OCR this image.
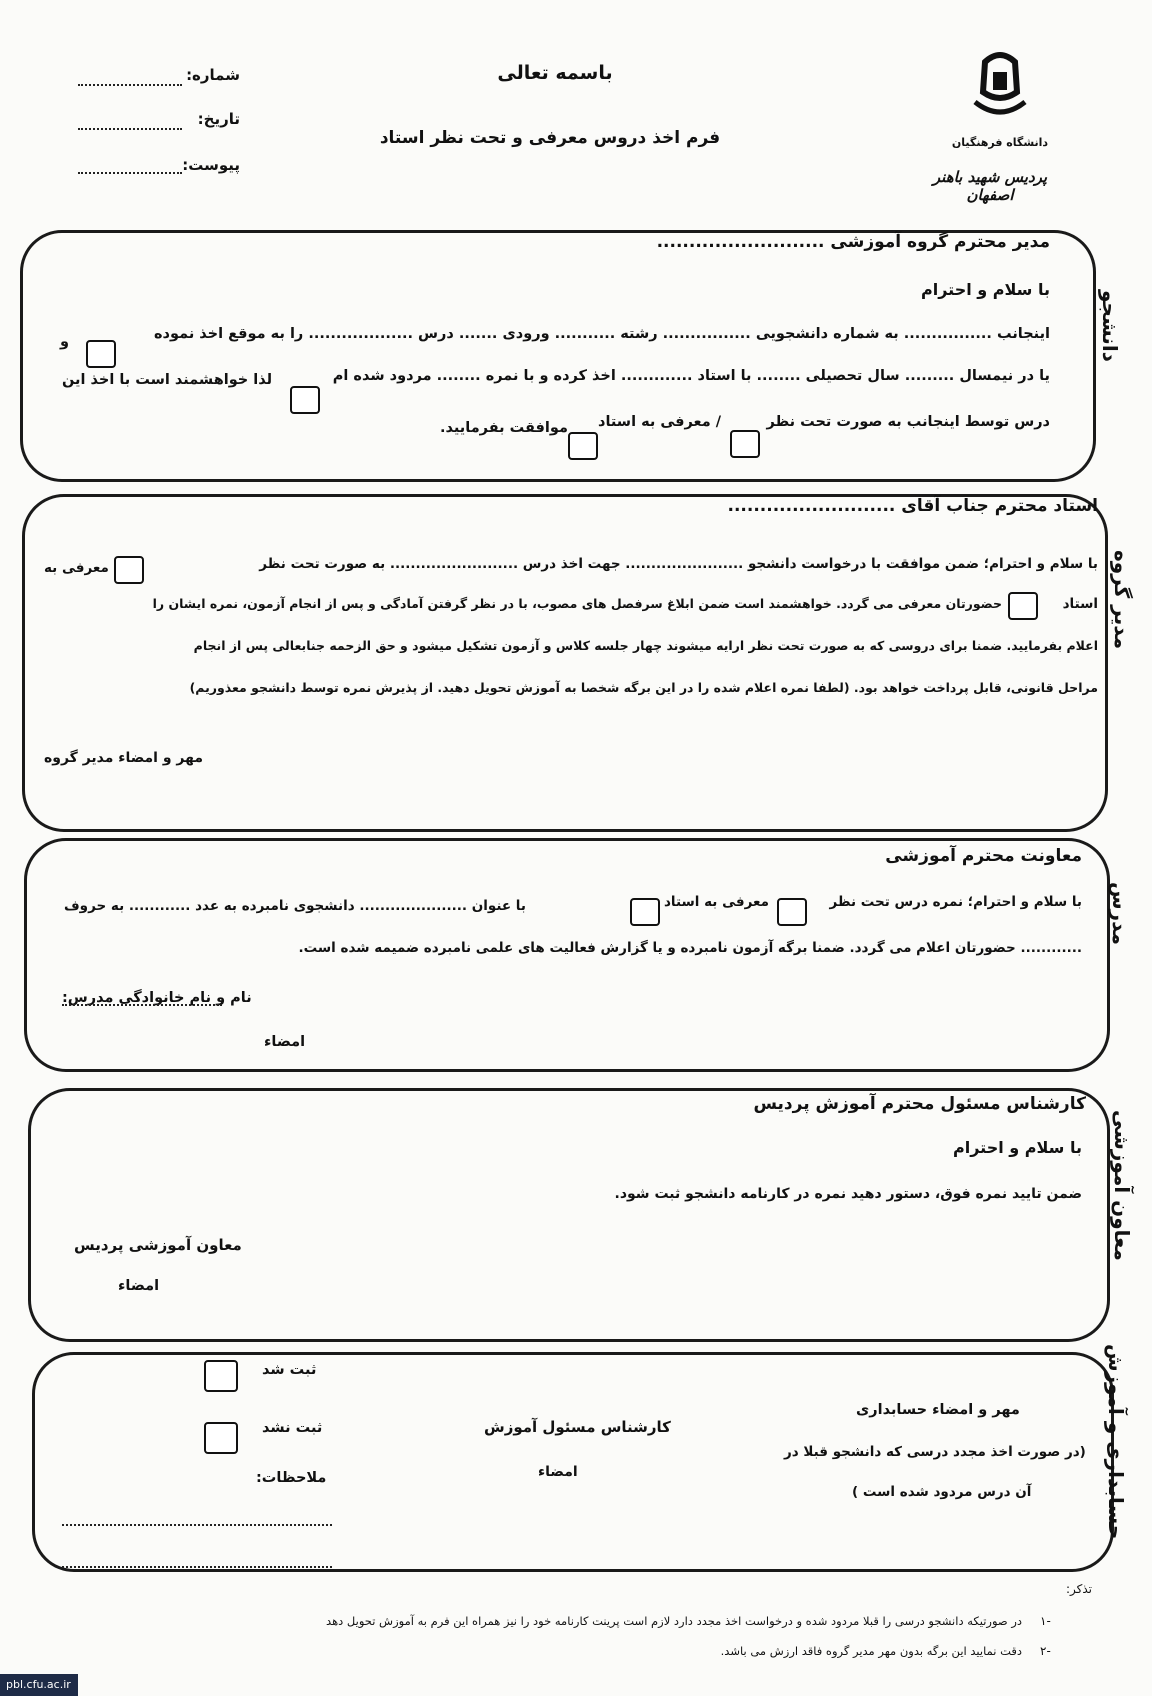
دانشگاه فرهنگیان
پردیس شهید باهنر اصفهان
باسمه تعالی
فرم اخذ دروس معرفی و تحت نظر استاد
شماره:
تاریخ:
پیوست:
دانشجو
مدیر محترم گروه آموزشی ..........................
با سلام و احترام
اینجانب ................ به شماره دانشجویی ................ رشته ........... ورودی ....... درس ................... را به موقع اخذ نموده
و
یا در نیمسال ......... سال تحصیلی ........ با استاد ............. اخذ کرده و با نمره ........ مردود شده ام
لذا خواهشمند است با اخذ این
درس توسط اینجانب به صورت تحت نظر
/ معرفی به استاد
موافقت بفرمایید.
مدیر گروه
استاد محترم جناب آقای ..........................
با سلام و احترام؛ ضمن موافقت با درخواست دانشجو ....................... جهت اخذ درس ......................... به صورت تحت نظر
معرفی به
استاد
حضورتان معرفی می گردد. خواهشمند است ضمن ابلاغ سرفصل های مصوب، با در نظر گرفتن آمادگی و پس از انجام آزمون، نمره ایشان را
اعلام بفرمایید. ضمنا برای دروسی که به صورت تحت نظر ارایه میشوند چهار جلسه کلاس و آزمون تشکیل میشود و حق الزحمه جنابعالی پس از انجام
مراحل قانونی، قابل پرداخت خواهد بود. (لطفا نمره اعلام شده را در این برگه شخصا به آموزش تحویل دهید. از پذیرش نمره توسط دانشجو معذوریم)
مهر و امضاء مدیر گروه
مدرس
معاونت محترم آموزشی
با سلام و احترام؛ نمره درس تحت نظر
معرفی به استاد
با عنوان ..................... دانشجوی نامبرده به عدد ............ به حروف
............ حضورتان اعلام می گردد. ضمنا برگه آزمون نامبرده و یا گزارش فعالیت های علمی نامبرده ضمیمه شده است.
نام و نام خانوادگی مدرس:
امضاء
معاون آموزشی
کارشناس مسئول محترم آموزش پردیس
با سلام و احترام
ضمن تایید نمره فوق، دستور دهید نمره در کارنامه دانشجو ثبت شود.
معاون آموزشی پردیس
امضاء
حسابداری و آموزش
ثبت شد
ثبت نشد
ملاحظات:
کارشناس مسئول آموزش
امضاء
مهر و امضاء حسابداری
(در صورت اخذ مجدد درسی که دانشجو قبلا در
آن درس مردود شده است )
تذکر:
-۱
در صورتیکه دانشجو درسی را قبلا مردود شده و درخواست اخذ مجدد دارد لازم است پرینت کارنامه خود را نیز همراه این فرم به آموزش تحویل دهد
-۲
دقت نمایید این برگه بدون مهر مدیر گروه فاقد ارزش می باشد.
pbl.cfu.ac.ir
